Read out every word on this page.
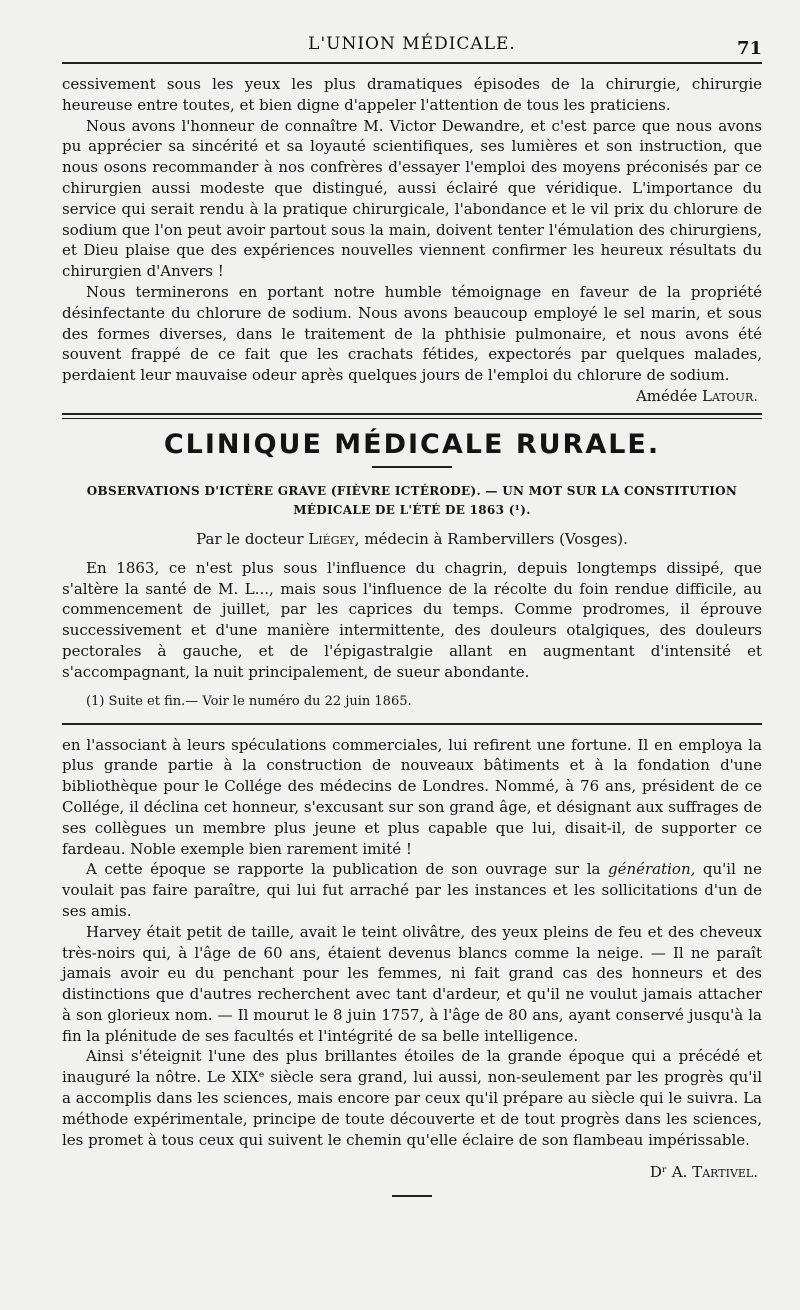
L'UNION MÉDICALE.	71

cessivement sous les yeux les plus dramatiques épisodes de la chirurgie, chirurgie heureuse entre toutes, et bien digne d'appeler l'attention de tous les praticiens.

Nous avons l'honneur de connaître M. Victor Dewandre, et c'est parce que nous avons pu apprécier sa sincérité et sa loyauté scientifiques, ses lumières et son instruction, que nous osons recommander à nos confrères d'essayer l'emploi des moyens préconisés par ce chirurgien aussi modeste que distingué, aussi éclairé que véridique. L'importance du service qui serait rendu à la pratique chirurgicale, l'abondance et le vil prix du chlorure de sodium que l'on peut avoir partout sous la main, doivent tenter l'émulation des chirurgiens, et Dieu plaise que des expériences nouvelles viennent confirmer les heureux résultats du chirurgien d'Anvers !

Nous terminerons en portant notre humble témoignage en faveur de la propriété désinfectante du chlorure de sodium. Nous avons beaucoup employé le sel marin, et sous des formes diverses, dans le traitement de la phthisie pulmonaire, et nous avons été souvent frappé de ce fait que les crachats fétides, expectorés par quelques malades, perdaient leur mauvaise odeur après quelques jours de l'emploi du chlorure de sodium.

Amédée Latour.
CLINIQUE MÉDICALE RURALE.
OBSERVATIONS D'ICTÈRE GRAVE (FIÈVRE ICTÉRODE). — UN MOT SUR LA CONSTITUTION MÉDICALE DE L'ÉTÉ DE 1863 (¹).
Par le docteur Liégey, médecin à Rambervillers (Vosges).

En 1863, ce n'est plus sous l'influence du chagrin, depuis longtemps dissipé, que s'altère la santé de M. L..., mais sous l'influence de la récolte du foin rendue difficile, au commencement de juillet, par les caprices du temps. Comme prodromes, il éprouve successivement et d'une manière intermittente, des douleurs otalgiques, des douleurs pectorales à gauche, et de l'épigastralgie allant en augmentant d'intensité et s'accompagnant, la nuit principalement, de sueur abondante.

(1) Suite et fin.— Voir le numéro du 22 juin 1865.

en l'associant à leurs spéculations commerciales, lui refirent une fortune. Il en employa la plus grande partie à la construction de nouveaux bâtiments et à la fondation d'une bibliothèque pour le Collége des médecins de Londres. Nommé, à 76 ans, président de ce Collége, il déclina cet honneur, s'excusant sur son grand âge, et désignant aux suffrages de ses collègues un membre plus jeune et plus capable que lui, disait-il, de supporter ce fardeau. Noble exemple bien rarement imité !

A cette époque se rapporte la publication de son ouvrage sur la génération, qu'il ne voulait pas faire paraître, qui lui fut arraché par les instances et les sollicitations d'un de ses amis.

Harvey était petit de taille, avait le teint olivâtre, des yeux pleins de feu et des cheveux très-noirs qui, à l'âge de 60 ans, étaient devenus blancs comme la neige. — Il ne paraît jamais avoir eu du penchant pour les femmes, ni fait grand cas des honneurs et des distinctions que d'autres recherchent avec tant d'ardeur, et qu'il ne voulut jamais attacher à son glorieux nom. — Il mourut le 8 juin 1757, à l'âge de 80 ans, ayant conservé jusqu'à la fin la plénitude de ses facultés et l'intégrité de sa belle intelligence.

Ainsi s'éteignit l'une des plus brillantes étoiles de la grande époque qui a précédé et inauguré la nôtre. Le XIXᵉ siècle sera grand, lui aussi, non-seulement par les progrès qu'il a accomplis dans les sciences, mais encore par ceux qu'il prépare au siècle qui le suivra. La méthode expérimentale, principe de toute découverte et de tout progrès dans les sciences, les promet à tous ceux qui suivent le chemin qu'elle éclaire de son flambeau impérissable.

Dʳ A. Tartivel.
